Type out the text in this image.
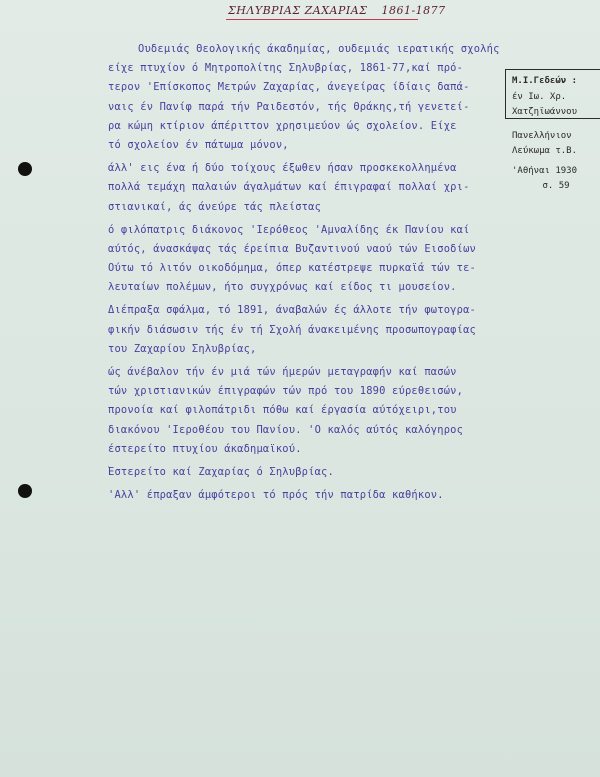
ΣΗΛΥΒΡΙΑΣ ΖΑΧΑΡΙΑΣ 1861-1877
Ουδεμιάς Θεολογικής άκαδημίας, ουδεμιάς ιερατικής σχολής
είχε πτυχίον ό Μητροπολίτης Σηλυβρίας, 1861-77,καί πρό-
τερον 'Επίσκοπος Μετρών Ζαχαρίας, άνεγείρας ίδίαις δαπά-
ναις έν Πανίφ παρά τήν Ραιδεστόν, τής Θράκης,τή γενετεί-
ρα κώμη κτίριον άπέριττον χρησιμεύον ώς σχολείον. Είχε
τό σχολείον έν πάτωμα μόνον,
άλλ' εις ένα ή δύο τοίχους έξωθεν ήσαν προσκεκολλημένα
πολλά τεμάχη παλαιών άγαλμάτων καί έπιγραφαί πολλαί χρι-
στιανικαί, άς άνεύρε τάς πλείστας
ό φιλόπατρις διάκονος 'Ιερόθεος 'Αμναλίδης έκ Πανίου καί
αύτός, άνασκάψας τάς έρείπια Βυζαντινού ναού τών Εισοδίων
Ούτω τό λιτόν οικοδόμημα, όπερ κατέστρεψε πυρκαϊά τών τε-
λευταίων πολέμων, ήτο συγχρόνως καί είδος τι μουσείον.
Διέπραξα σφάλμα, τό 1891, άναβαλών ές άλλοτε τήν φωτογρα-
φικήν διάσωσιν τής έν τή Σχολή άνακειμένης προσωπογραφίας
του Ζαχαρίου Σηλυβρίας,
ώς άνέβαλον τήν έν μιά τών ήμερών μεταγραφήν καί πασών
τών χριστιανικών έπιγραφών τών πρό του 1890 εύρεθεισών,
προνοία καί φιλοπάτριδι πόθω καί έργασία αύτόχειρι,του
διακόνου 'Ιεροθέου του Πανίου. 'Ο καλός αύτός καλόγηρος
έστερείτο πτυχίου άκαδημαϊκού.
Έστερείτο καί Ζαχαρίας ό Σηλυβρίας.
'Αλλ' έπραξαν άμφότεροι τό πρός τήν πατρίδα καθήκον.
Μ.Ι.Γεδεών :
έν Ιω. Χρ.
Χατζηϊωάννου
Πανελλήνιον
Λεύκωμα τ.Β.
'Αθήναι 1930
σ. 59
